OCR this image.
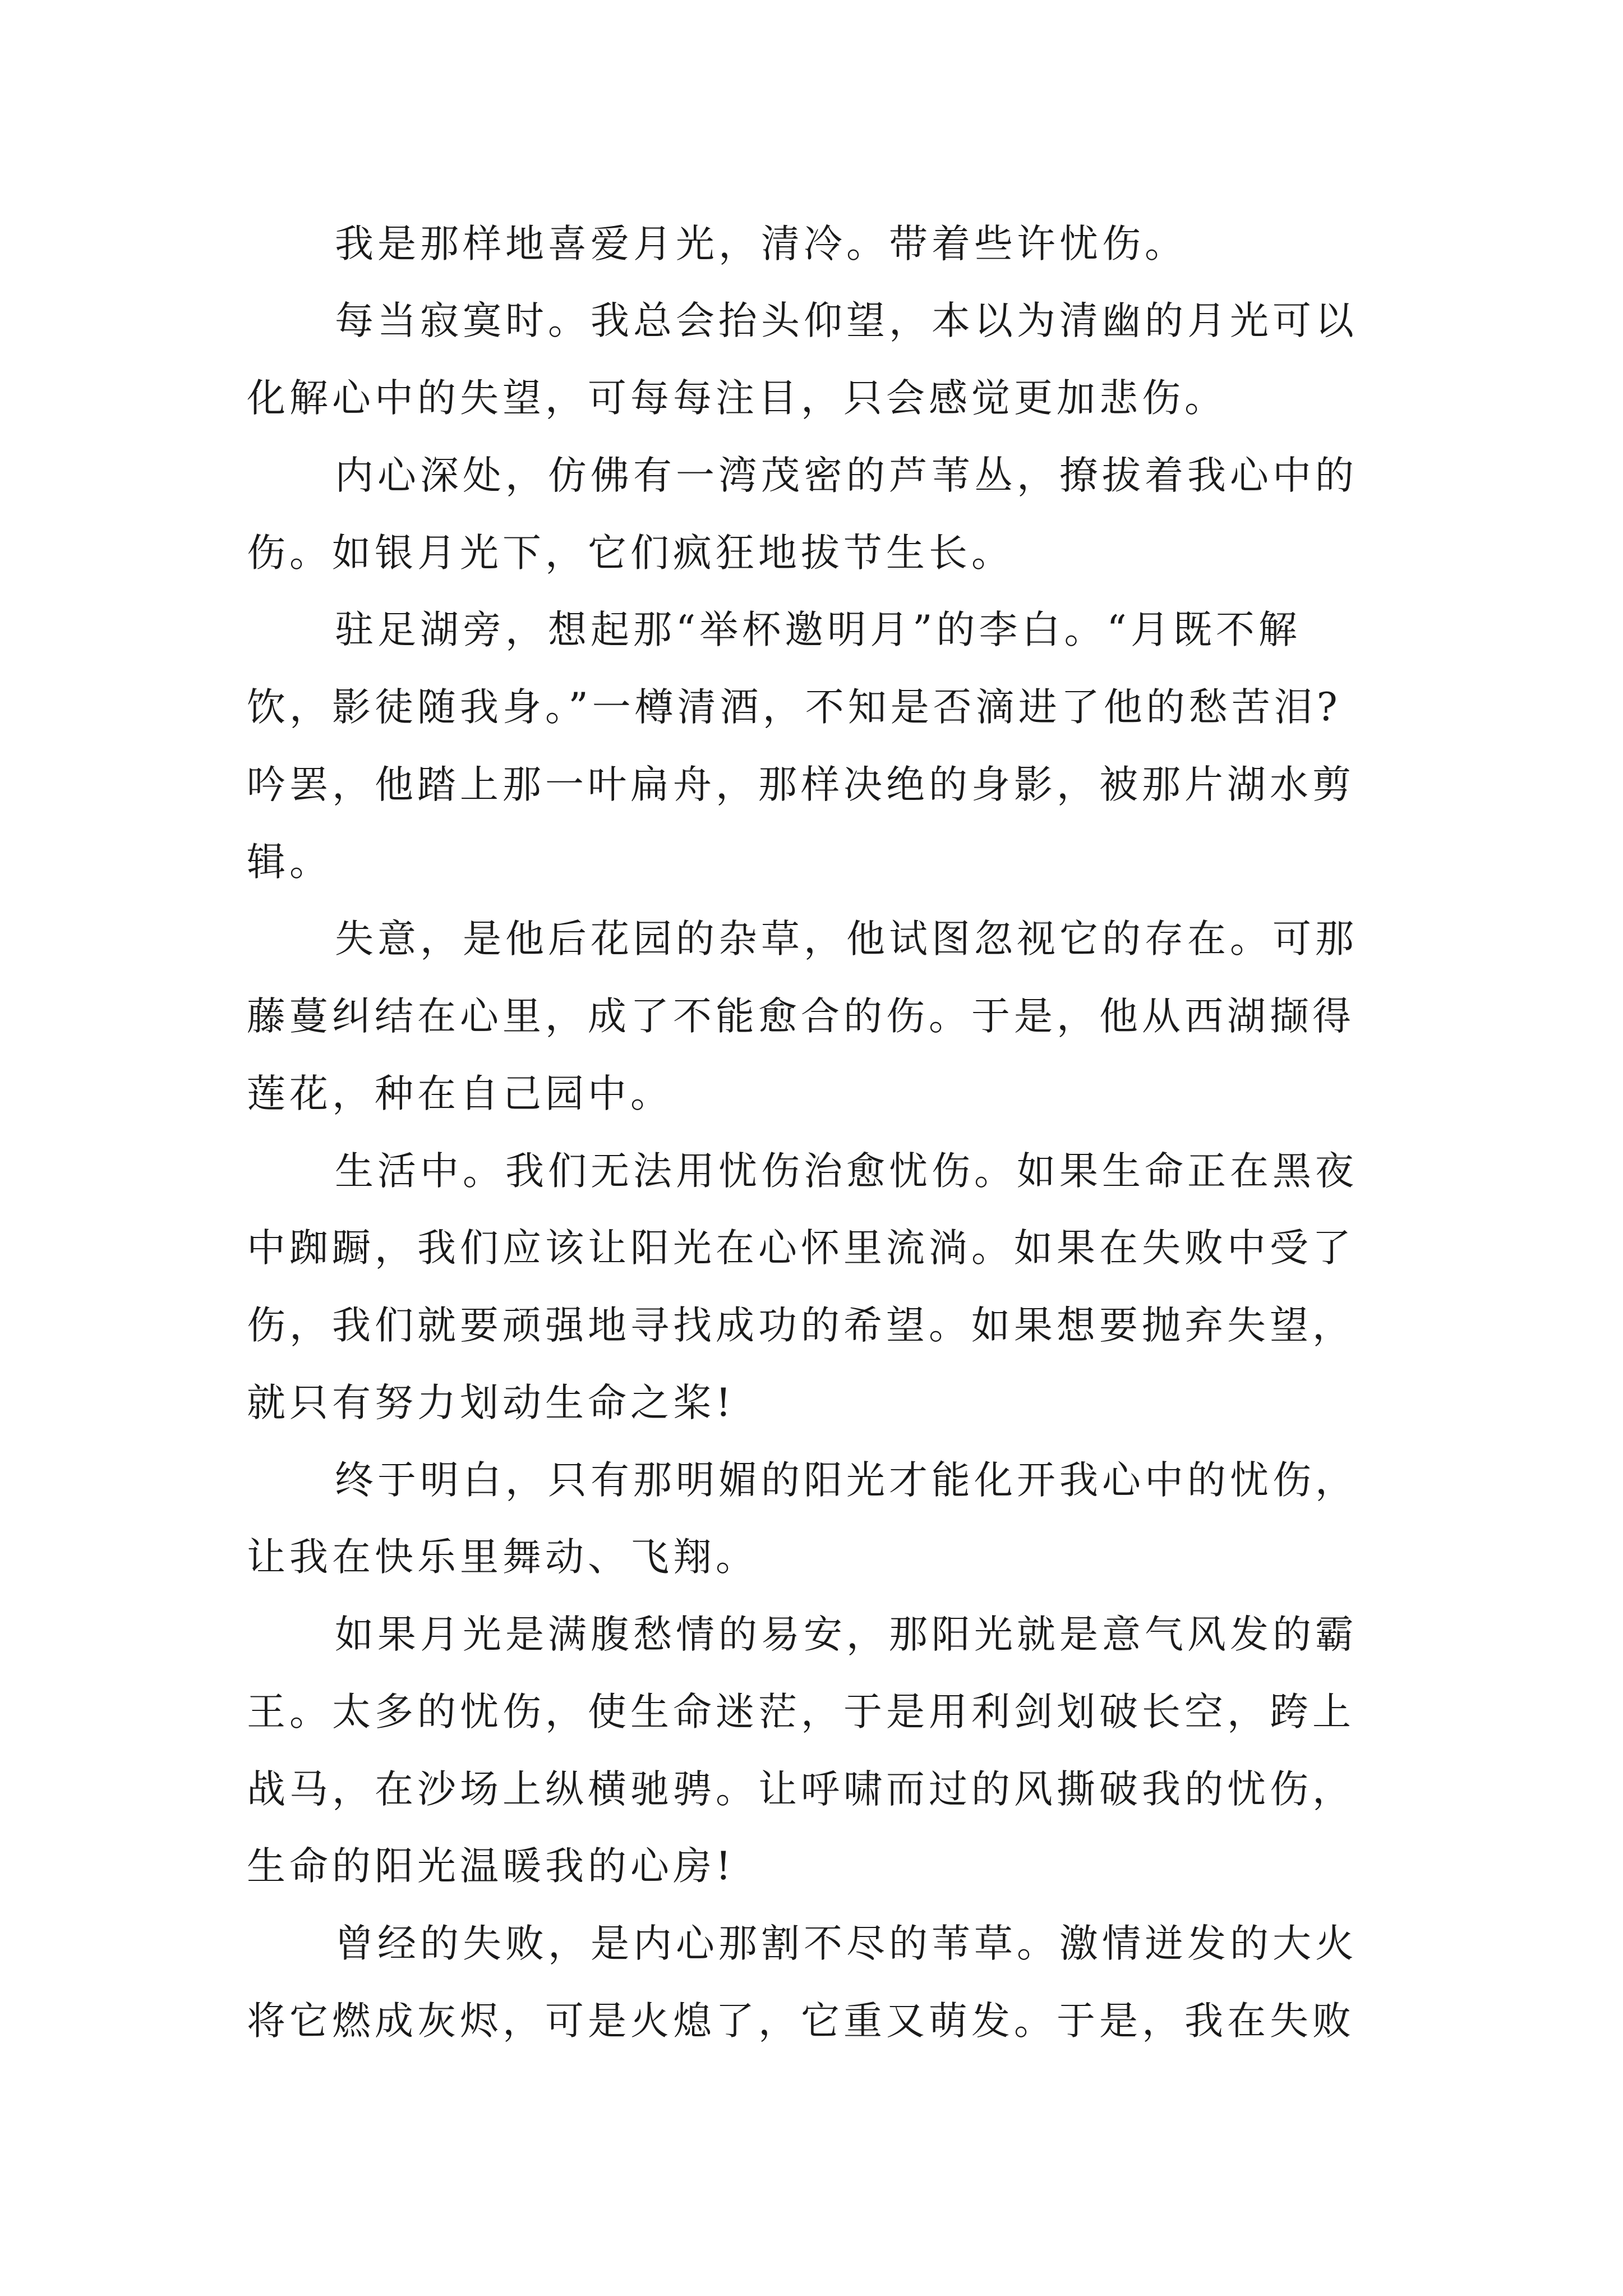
我是那样地喜爱月光，清冷。带着些许忧伤。

每当寂寞时。我总会抬头仰望，本以为清幽的月光可以

化解心中的失望，可每每注目，只会感觉更加悲伤。

内心深处，仿佛有一湾茂密的芦苇丛，撩拔着我心中的

伤。如银月光下，它们疯狂地拔节生长。

驻足湖旁，想起那“举杯邀明月”的李白。“月既不解

饮，影徒随我身。”一樽清酒，不知是否滴进了他的愁苦泪?

吟罢，他踏上那一叶扁舟，那样决绝的身影，被那片湖水剪

辑。

失意，是他后花园的杂草，他试图忽视它的存在。可那

藤蔓纠结在心里，成了不能愈合的伤。于是，他从西湖撷得

莲花，种在自己园中。

生活中。我们无法用忧伤治愈忧伤。如果生命正在黑夜

中踟蹰，我们应该让阳光在心怀里流淌。如果在失败中受了

伤，我们就要顽强地寻找成功的希望。如果想要抛弃失望，

就只有努力划动生命之桨!

终于明白，只有那明媚的阳光才能化开我心中的忧伤，

让我在快乐里舞动、飞翔。

如果月光是满腹愁情的易安，那阳光就是意气风发的霸

王。太多的忧伤，使生命迷茫，于是用利剑划破长空，跨上

战马，在沙场上纵横驰骋。让呼啸而过的风撕破我的忧伤，

生命的阳光温暖我的心房!

曾经的失败，是内心那割不尽的苇草。激情迸发的大火

将它燃成灰烬，可是火熄了，它重又萌发。于是，我在失败
